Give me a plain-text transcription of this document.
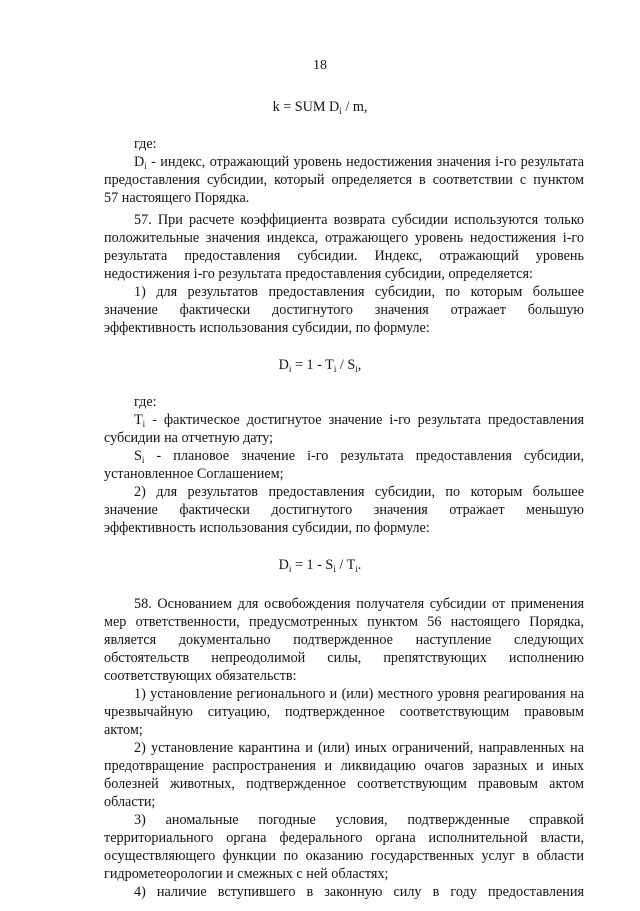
18

k = SUM $D_i$ / m,

где:

$D_i$ - индекс, отражающий уровень недостижения значения i-го результата

предоставления субсидии, который определяется в соответствии с пунктом

57 настоящего Порядка.

57. При расчете коэффициента возврата субсидии используются только

положительные значения индекса, отражающего уровень недостижения i-го

результата предоставления субсидии. Индекс, отражающий уровень

недостижения i-го результата предоставления субсидии, определяется:

1) для результатов предоставления субсидии, по которым большее

значение фактически достигнутого значения отражает большую

эффективность использования субсидии, по формуле:

$D_i = 1 - T_i / S_i$,

где:

$T_i$ - фактическое достигнутое значение i-го результата предоставления

субсидии на отчетную дату;

$S_i$ - плановое значение i-го результата предоставления субсидии,

установленное Соглашением;

2) для результатов предоставления субсидии, по которым большее

значение фактически достигнутого значения отражает меньшую

эффективность использования субсидии, по формуле:

$D_i = 1 - S_i / T_i$.

58. Основанием для освобождения получателя субсидии от применения

мер ответственности, предусмотренных пунктом 56 настоящего Порядка,

является документально подтвержденное наступление следующих

обстоятельств непреодолимой силы, препятствующих исполнению

соответствующих обязательств:

1) установление регионального и (или) местного уровня реагирования на

чрезвычайную ситуацию, подтвержденное соответствующим правовым

актом;

2) установление карантина и (или) иных ограничений, направленных на

предотвращение распространения и ликвидацию очагов заразных и иных

болезней животных, подтвержденное соответствующим правовым актом

области;

3) аномальные погодные условия, подтвержденные справкой

территориального органа федерального органа исполнительной власти,

осуществляющего функции по оказанию государственных услуг в области

гидрометеорологии и смежных с ней областях;

4) наличие вступившего в законную силу в году предоставления
